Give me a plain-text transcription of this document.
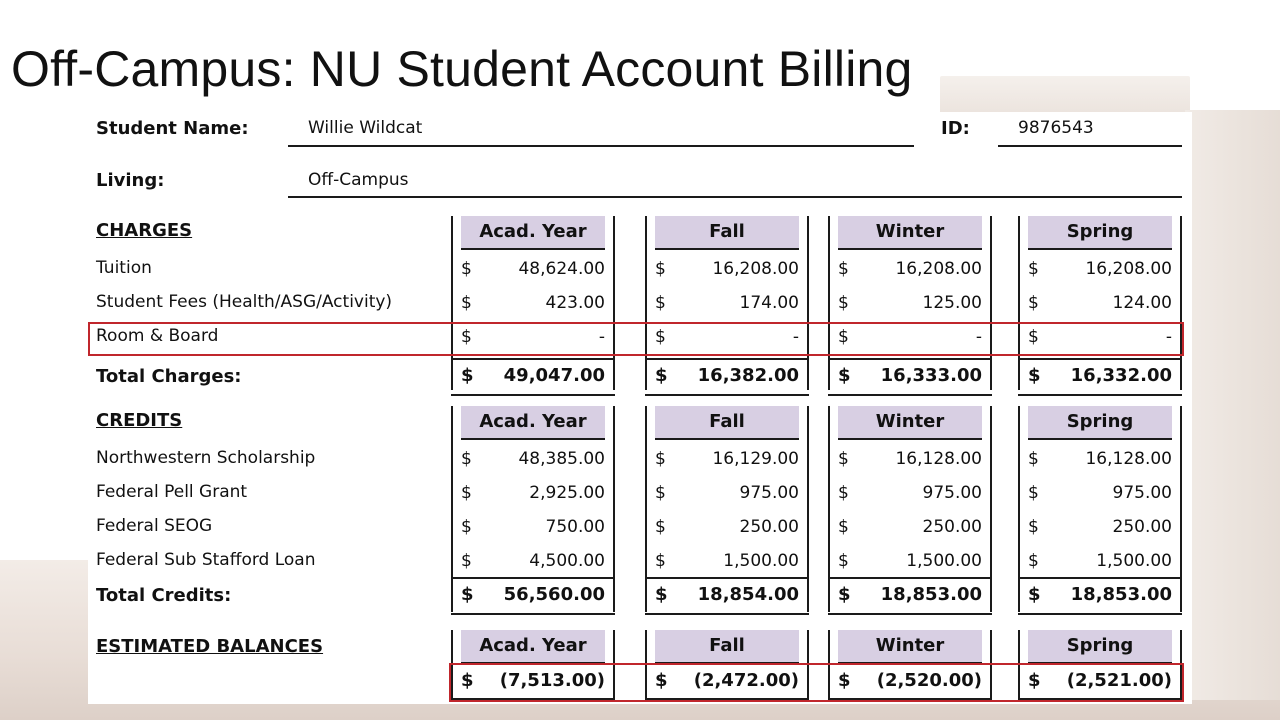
Off-Campus: NU Student Account Billing
Student Name:	Willie Wildcat	ID:	9876543
Living:	Off-Campus
CHARGES	Acad. Year	Fall	Winter	Spring
Tuition	$	48,624.00	$	16,208.00 $	16,208.00	$	16,208.00
Student Fees (Health/ASG/Activity)	$	423.00	$	174.00 $	125.00	$	124.00
Room & Board	$	-	$	- $	-	$	-
Total Charges:	$ 49,047.00	$ 16,382.00 $ 16,333.00	$ 16,332.00
CREDITS	Acad. Year	Fall	Winter	Spring
Northwestern Scholarship	$	48,385.00	$	16,129.00 $	16,128.00	$	16,128.00
Federal Pell Grant	$	2,925.00	$	975.00 $	975.00	$	975.00
Federal SEOG	$	750.00	$	250.00 $	250.00	$	250.00
Federal Sub Stafford Loan	$	4,500.00	$	1,500.00 $	1,500.00	$	1,500.00
Total Credits:	$ 56,560.00	$ 18,854.00 $ 18,853.00	$ 18,853.00
ESTIMATED BALANCES	Acad. Year	Fall	Winter	Spring
$ (7,513.00)	$ (2,472.00) $ (2,520.00)	$ (2,521.00)
